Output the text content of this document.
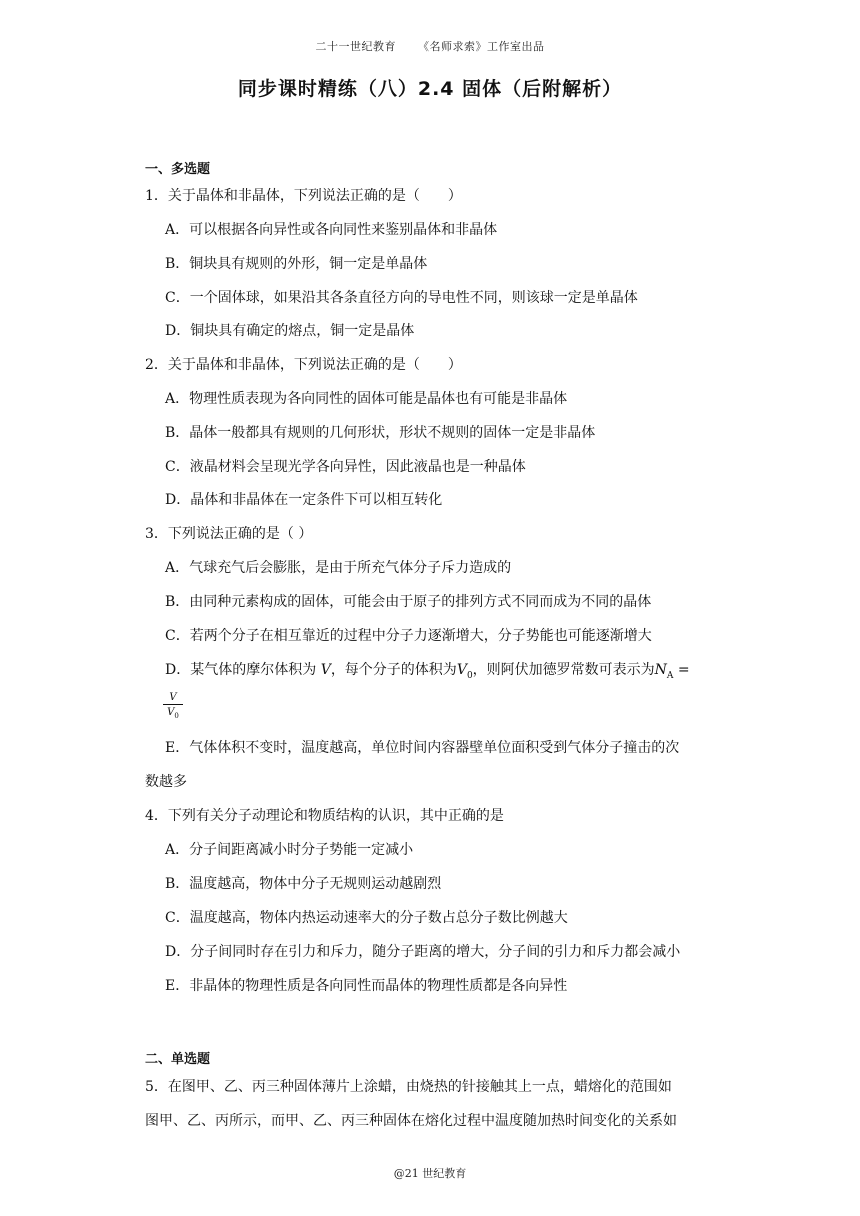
二十一世纪教育 《名师求索》工作室出品
同步课时精练（八）2.4 固体（后附解析）
一、多选题
1．关于晶体和非晶体，下列说法正确的是（　　）
A．可以根据各向异性或各向同性来鉴别晶体和非晶体
B．铜块具有规则的外形，铜一定是单晶体
C．一个固体球，如果沿其各条直径方向的导电性不同，则该球一定是单晶体
D．铜块具有确定的熔点，铜一定是晶体
2．关于晶体和非晶体，下列说法正确的是（　　）
A．物理性质表现为各向同性的固体可能是晶体也有可能是非晶体
B．晶体一般都具有规则的几何形状，形状不规则的固体一定是非晶体
C．液晶材料会呈现光学各向异性，因此液晶也是一种晶体
D．晶体和非晶体在一定条件下可以相互转化
3．下列说法正确的是（ ）
A．气球充气后会膨胀，是由于所充气体分子斥力造成的
B．由同种元素构成的固体，可能会由于原子的排列方式不同而成为不同的晶体
C．若两个分子在相互靠近的过程中分子力逐渐增大，分子势能也可能逐渐增大
D．某气体的摩尔体积为 V，每个分子的体积为$V_0$，则阿伏加德罗常数可表示为$N_A$ =
V
$V_0$
E．气体体积不变时，温度越高，单位时间内容器壁单位面积受到气体分子撞击的次
数越多
4．下列有关分子动理论和物质结构的认识，其中正确的是
A．分子间距离减小时分子势能一定减小
B．温度越高，物体中分子无规则运动越剧烈
C．温度越高，物体内热运动速率大的分子数占总分子数比例越大
D．分子间同时存在引力和斥力，随分子距离的增大，分子间的引力和斥力都会减小
E．非晶体的物理性质是各向同性而晶体的物理性质都是各向异性
二、单选题
5．在图甲、乙、丙三种固体薄片上涂蜡，由烧热的针接触其上一点，蜡熔化的范围如
图甲、乙、丙所示，而甲、乙、丙三种固体在熔化过程中温度随加热时间变化的关系如
@21 世纪教育
